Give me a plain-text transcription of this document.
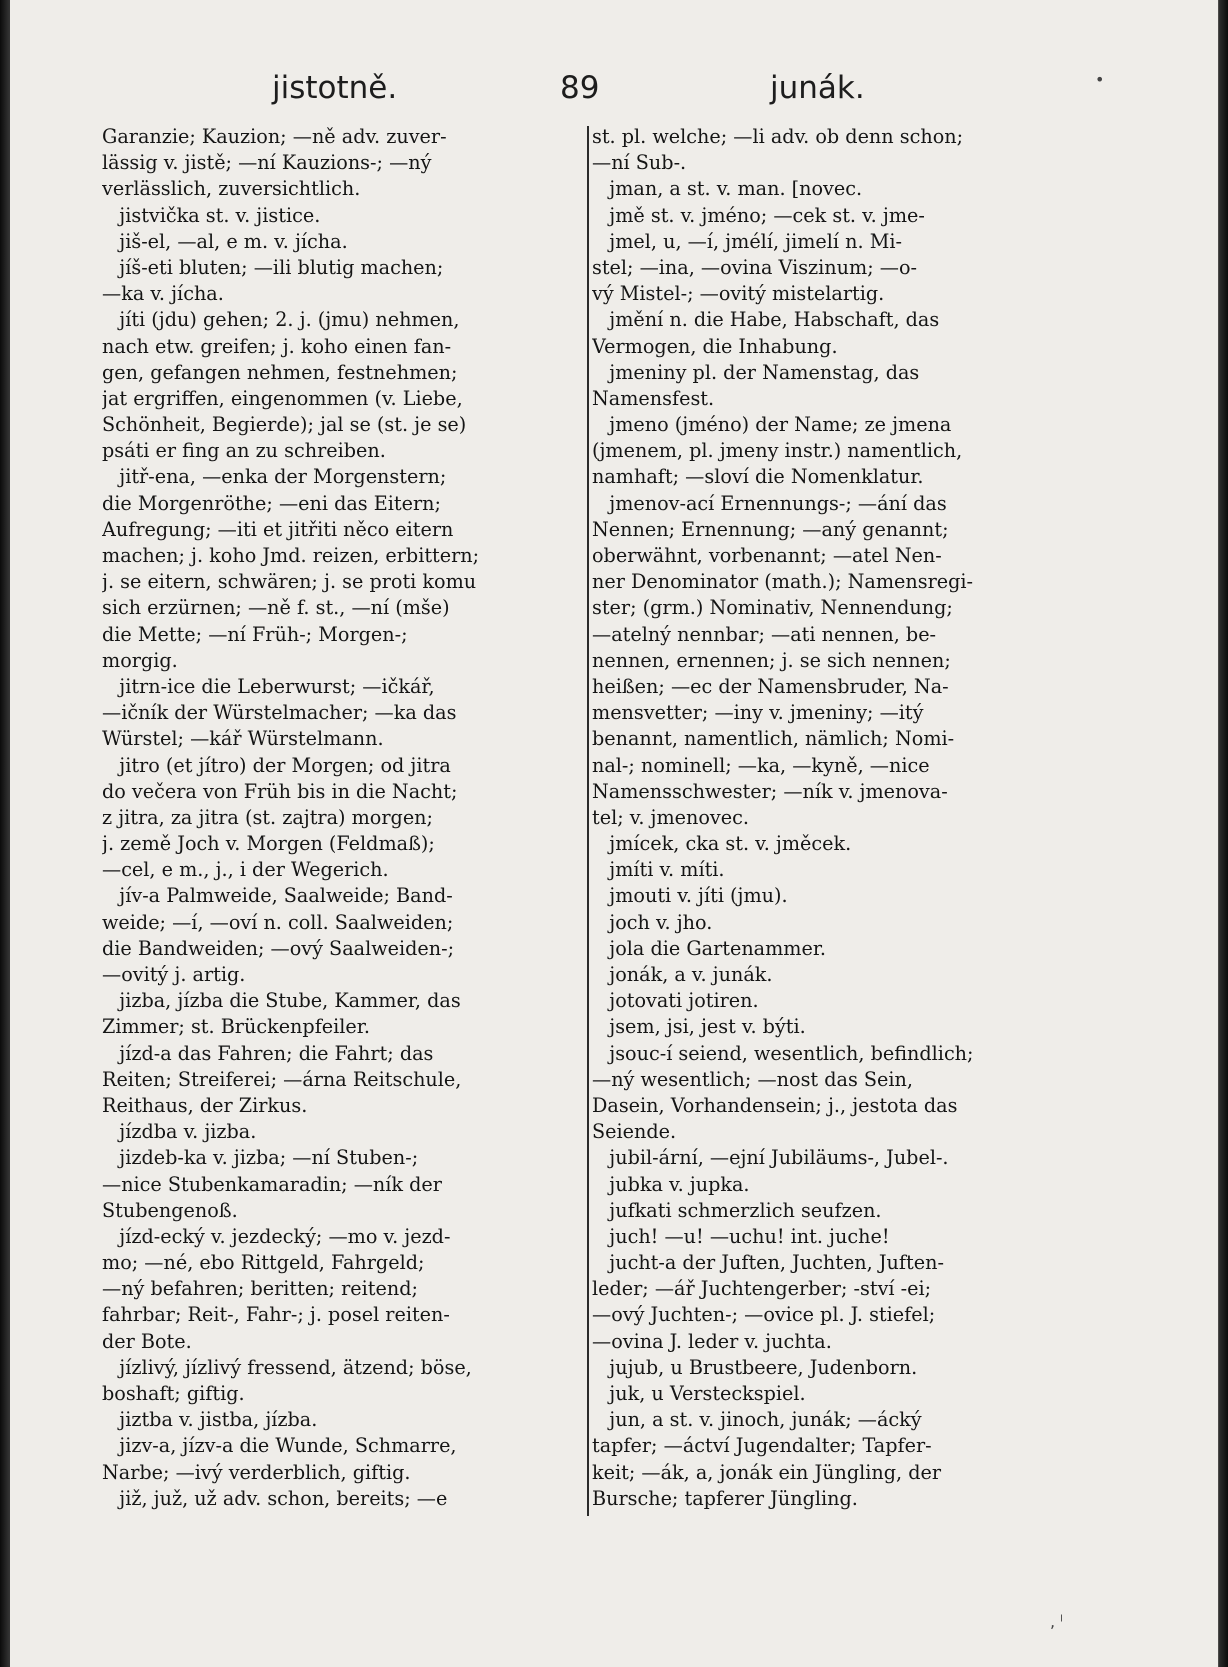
jistotně.	89	junák.
Garanzie; Kauzion; —ně adv. zuver-
lässig v. jistě; —ní Kauzions-; —ný
verlässlich, zuversichtlich.
jistvička st. v. jistice.
jiš-el, —al, e m. v. jícha.
jíš-eti bluten; —ili blutig machen;
—ka v. jícha.
jíti (jdu) gehen; 2. j. (jmu) nehmen,
nach etw. greifen; j. koho einen fan-
gen, gefangen nehmen, festnehmen;
jat ergriffen, eingenommen (v. Liebe,
Schönheit, Begierde); jal se (st. je se)
psáti er fing an zu schreiben.
jitř-ena, —enka der Morgenstern;
die Morgenröthe; —eni das Eitern;
Aufregung; —iti et jitřiti něco eitern
machen; j. koho Jmd. reizen, erbittern;
j. se eitern, schwären; j. se proti komu
sich erzürnen; —ně f. st., —ní (mše)
die Mette; —ní Früh-; Morgen-;
morgig.
jitrn-ice die Leberwurst; —ičkář,
—ičník der Würstelmacher; —ka das
Würstel; —kář Würstelmann.
jitro (et jítro) der Morgen; od jitra
do večera von Früh bis in die Nacht;
z jitra, za jitra (st. zajtra) morgen;
j. země Joch v. Morgen (Feldmaß);
—cel, e m., j., i der Wegerich.
jív-a Palmweide, Saalweide; Band-
weide; —í, —oví n. coll. Saalweiden;
die Bandweiden; —ový Saalweiden-;
—ovitý j. artig.
jizba, jízba die Stube, Kammer, das
Zimmer; st. Brückenpfeiler.
jízd-a das Fahren; die Fahrt; das
Reiten; Streiferei; —árna Reitschule,
Reithaus, der Zirkus.
jízdba v. jizba.
jizdeb-ka v. jizba; —ní Stuben-;
—nice Stubenkamaradin; —ník der
Stubengenoß.
jízd-ecký v. jezdecký; —mo v. jezd-
mo; —né, ebo Rittgeld, Fahrgeld;
—ný befahren; beritten; reitend;
fahrbar; Reit-, Fahr-; j. posel reiten-
der Bote.
jízlivý, jízlivý fressend, ätzend; böse,
boshaft; giftig.
jiztba v. jistba, jízba.
jizv-a, jízv-a die Wunde, Schmarre,
Narbe; —ivý verderblich, giftig.
již, juž, už adv. schon, bereits; —e
st. pl. welche; —li adv. ob denn schon;
—ní Sub-.
jman, a st. v. man. [novec.
jmě st. v. jméno; —cek st. v. jme-
jmel, u, —í, jmélí, jimelí n. Mi-
stel; —ina, —ovina Viszinum; —o-
vý Mistel-; —ovitý mistelartig.
jmění n. die Habe, Habschaft, das
Vermogen, die Inhabung.
jmeniny pl. der Namenstag, das
Namensfest.
jmeno (jméno) der Name; ze jmena
(jmenem, pl. jmeny instr.) namentlich,
namhaft; —sloví die Nomenklatur.
jmenov-ací Ernennungs-; —ání das
Nennen; Ernennung; —aný genannt;
oberwähnt, vorbenannt; —atel Nen-
ner Denominator (math.); Namensregi-
ster; (grm.) Nominativ, Nennendung;
—atelný nennbar; —ati nennen, be-
nennen, ernennen; j. se sich nennen;
heißen; —ec der Namensbruder, Na-
mensvetter; —iny v. jmeniny; —itý
benannt, namentlich, nämlich; Nomi-
nal-; nominell; —ka, —kyně, —nice
Namensschwester; —ník v. jmenova-
tel; v. jmenovec.
jmícek, cka st. v. jměcek.
jmíti v. míti.
jmouti v. jíti (jmu).
joch v. jho.
jola die Gartenammer.
jonák, a v. junák.
jotovati jotiren.
jsem, jsi, jest v. býti.
jsouc-í seiend, wesentlich, befindlich;
—ný wesentlich; —nost das Sein,
Dasein, Vorhandensein; j., jestota das
Seiende.
jubil-ární, —ejní Jubiläums-, Jubel-.
jubka v. jupka.
jufkati schmerzlich seufzen.
juch! —u! —uchu! int. juche!
jucht-a der Juften, Juchten, Juften-
leder; —ář Juchtengerber; -ství -ei;
—ový Juchten-; —ovice pl. J. stiefel;
—ovina J. leder v. juchta.
jujub, u Brustbeere, Judenborn.
juk, u Versteckspiel.
jun, a st. v. jinoch, junák; —ácký
tapfer; —áctví Jugendalter; Tapfer-
keit; —ák, a, jonák ein Jüngling, der
Bursche; tapferer Jüngling.
•
, ˡ
